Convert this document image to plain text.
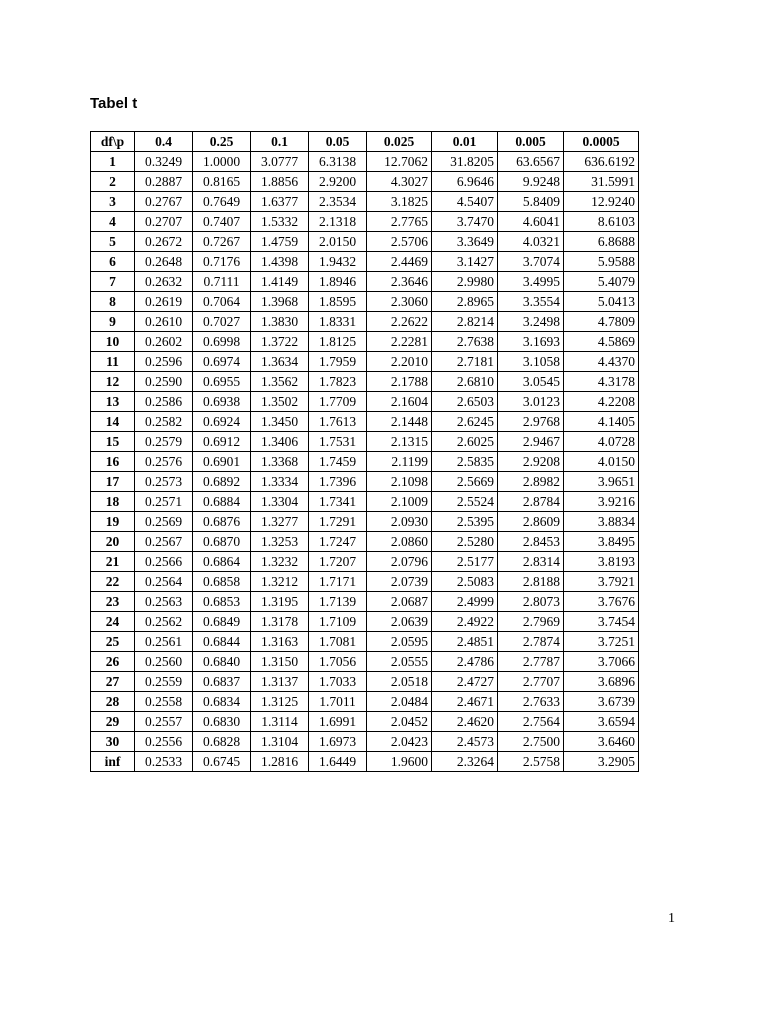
Tabel t
df\p	0.4	0.25	0.1	0.05	0.025	0.01	0.005	0.0005
1	0.3249	1.0000	3.0777	6.3138	12.7062	31.8205	63.6567	636.6192
2	0.2887	0.8165	1.8856	2.9200	4.3027	6.9646	9.9248	31.5991
3	0.2767	0.7649	1.6377	2.3534	3.1825	4.5407	5.8409	12.9240
4	0.2707	0.7407	1.5332	2.1318	2.7765	3.7470	4.6041	8.6103
5	0.2672	0.7267	1.4759	2.0150	2.5706	3.3649	4.0321	6.8688
6	0.2648	0.7176	1.4398	1.9432	2.4469	3.1427	3.7074	5.9588
7	0.2632	0.7111	1.4149	1.8946	2.3646	2.9980	3.4995	5.4079
8	0.2619	0.7064	1.3968	1.8595	2.3060	2.8965	3.3554	5.0413
9	0.2610	0.7027	1.3830	1.8331	2.2622	2.8214	3.2498	4.7809
10	0.2602	0.6998	1.3722	1.8125	2.2281	2.7638	3.1693	4.5869
11	0.2596	0.6974	1.3634	1.7959	2.2010	2.7181	3.1058	4.4370
12	0.2590	0.6955	1.3562	1.7823	2.1788	2.6810	3.0545	4.3178
13	0.2586	0.6938	1.3502	1.7709	2.1604	2.6503	3.0123	4.2208
14	0.2582	0.6924	1.3450	1.7613	2.1448	2.6245	2.9768	4.1405
15	0.2579	0.6912	1.3406	1.7531	2.1315	2.6025	2.9467	4.0728
16	0.2576	0.6901	1.3368	1.7459	2.1199	2.5835	2.9208	4.0150
17	0.2573	0.6892	1.3334	1.7396	2.1098	2.5669	2.8982	3.9651
18	0.2571	0.6884	1.3304	1.7341	2.1009	2.5524	2.8784	3.9216
19	0.2569	0.6876	1.3277	1.7291	2.0930	2.5395	2.8609	3.8834
20	0.2567	0.6870	1.3253	1.7247	2.0860	2.5280	2.8453	3.8495
21	0.2566	0.6864	1.3232	1.7207	2.0796	2.5177	2.8314	3.8193
22	0.2564	0.6858	1.3212	1.7171	2.0739	2.5083	2.8188	3.7921
23	0.2563	0.6853	1.3195	1.7139	2.0687	2.4999	2.8073	3.7676
24	0.2562	0.6849	1.3178	1.7109	2.0639	2.4922	2.7969	3.7454
25	0.2561	0.6844	1.3163	1.7081	2.0595	2.4851	2.7874	3.7251
26	0.2560	0.6840	1.3150	1.7056	2.0555	2.4786	2.7787	3.7066
27	0.2559	0.6837	1.3137	1.7033	2.0518	2.4727	2.7707	3.6896
28	0.2558	0.6834	1.3125	1.7011	2.0484	2.4671	2.7633	3.6739
29	0.2557	0.6830	1.3114	1.6991	2.0452	2.4620	2.7564	3.6594
30	0.2556	0.6828	1.3104	1.6973	2.0423	2.4573	2.7500	3.6460
inf	0.2533	0.6745	1.2816	1.6449	1.9600	2.3264	2.5758	3.2905
1
